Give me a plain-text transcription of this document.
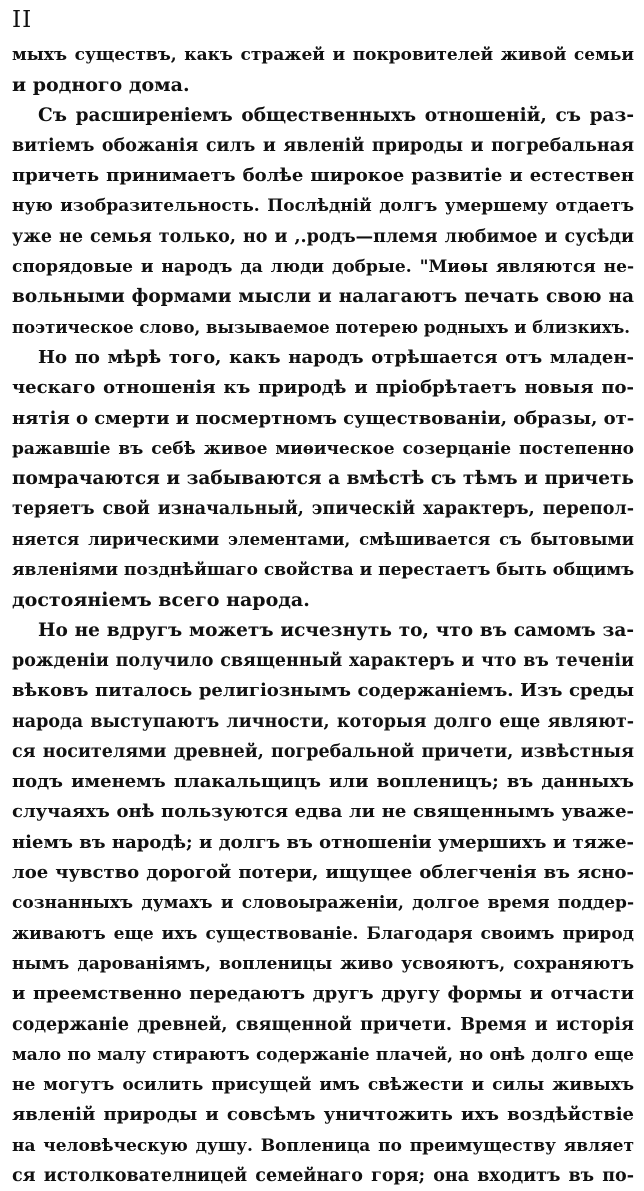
II
мыхъ существъ, какъ стражей и покровителей живой семьи
и родного дома.
Съ расширеніемъ общественныхъ отношеній, съ раз-
витіемъ обожанія силъ и явленій природы и погребальная
причеть принимаетъ болѣе широкое развитіе и естествен
ную изобразительность. Послѣдній долгъ умершему отдаетъ
уже не семья только, но и ,.родъ—племя любимое и сусѣди
спорядовые и народъ да люди добрые. "Миѳы являются не-
вольными формами мысли и налагаютъ печать свою на
поэтическое слово, вызываемое потерею родныхъ и близкихъ.
Но по мѣрѣ того, какъ народъ отрѣшается отъ младен-
ческаго отношенія къ природѣ и пріобрѣтаетъ новыя по-
нятія о смерти и посмертномъ существованіи, образы, от-
ражавшіе въ себѣ живое миѳическое созерцаніе постепенно
помрачаются и забываются а вмѣстѣ съ тѣмъ и причеть
теряетъ свой изначальный, эпическій характеръ, перепол-
няется лирическими элементами, смѣшивается съ бытовыми
явленіями позднѣйшаго свойства и перестаетъ быть общимъ
достояніемъ всего народа.
Но не вдругъ можетъ исчезнуть то, что въ самомъ за-
рожденіи получило священный характеръ и что въ теченіи
вѣковъ питалось религіознымъ содержаніемъ. Изъ среды
народа выступаютъ личности, которыя долго еще являют-
ся носителями древней, погребальной причети, извѣстныя
подъ именемъ плакальщицъ или вопленицъ; въ данныхъ
случаяхъ онѣ пользуются едва ли не священнымъ уваже-
ніемъ въ народѣ; и долгъ въ отношеніи умершихъ и тяже-
лое чувство дорогой потери, ищущее облегченія въ ясно-
сознанныхъ думахъ и словоыраженіи, долгое время поддер-
живаютъ еще ихъ существованіе. Благодаря своимъ природ
нымъ дарованіямъ, вопленицы живо усвояютъ, сохраняютъ
и преемственно передаютъ другъ другу формы и отчасти
содержаніе древней, священной причети. Время и исторія
мало по малу стираютъ содержаніе плачей, но онѣ долго еще
не могутъ осилить присущей имъ свѣжести и силы живыхъ
явленій природы и совсѣмъ уничтожить ихъ воздѣйствіе
на человѣческую душу. Вопленица по преимуществу являет
ся истолкователницей семейнаго горя; она входитъ въ по-
